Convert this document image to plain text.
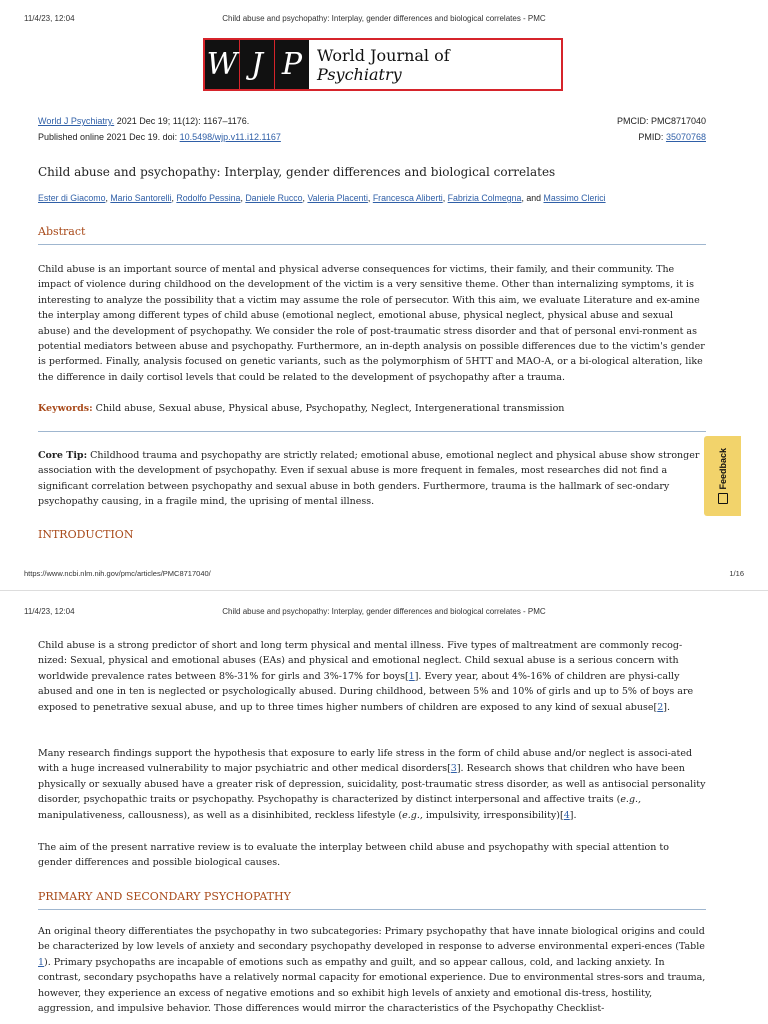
11/4/23, 12:04	Child abuse and psychopathy: Interplay, gender differences and biological correlates - PMC
W J P World Journal of
Psychiatry
World J Psychiatry. 2021 Dec 19; 11(12): 1167–1176.
Published online 2021 Dec 19. doi: 10.5498/wjp.v11.i12.1167
PMCID: PMC8717040
PMID: 35070768
Child abuse and psychopathy: Interplay, gender differences and biological correlates
Ester di Giacomo, Mario Santorelli, Rodolfo Pessina, Daniele Rucco, Valeria Placenti, Francesca Aliberti, Fabrizia Colmegna, and Massimo Clerici
Abstract
Child abuse is an important source of mental and physical adverse consequences for victims, their family, and their community. The impact of violence during childhood on the development of the victim is a very sensitive theme. Other than internalizing symptoms, it is interesting to analyze the possibility that a victim may assume the role of persecutor. With this aim, we evaluate Literature and ex-amine the interplay among different types of child abuse (emotional neglect, emotional abuse, physical neglect, physical abuse and sexual abuse) and the development of psychopathy. We consider the role of post-traumatic stress disorder and that of personal envi-ronment as potential mediators between abuse and psychopathy. Furthermore, an in-depth analysis on possible differences due to the victim's gender is performed. Finally, analysis focused on genetic variants, such as the polymorphism of 5HTT and MAO-A, or a bi-ological alteration, like the difference in daily cortisol levels that could be related to the development of psychopathy after a trauma.
Keywords: Child abuse, Sexual abuse, Physical abuse, Psychopathy, Neglect, Intergenerational transmission
Core Tip: Childhood trauma and psychopathy are strictly related; emotional abuse, emotional neglect and physical abuse show stronger association with the development of psychopathy. Even if sexual abuse is more frequent in females, most researches did not find a significant correlation between psychopathy and sexual abuse in both genders. Furthermore, trauma is the hallmark of sec-ondary psychopathy causing, in a fragile mind, the uprising of mental illness.
INTRODUCTION
Feedback
https://www.ncbi.nlm.nih.gov/pmc/articles/PMC8717040/	1/16
11/4/23, 12:04	Child abuse and psychopathy: Interplay, gender differences and biological correlates - PMC
Child abuse is a strong predictor of short and long term physical and mental illness. Five types of maltreatment are commonly recog-nized: Sexual, physical and emotional abuses (EAs) and physical and emotional neglect. Child sexual abuse is a serious concern with worldwide prevalence rates between 8%-31% for girls and 3%-17% for boys[1]. Every year, about 4%-16% of children are physi-cally abused and one in ten is neglected or psychologically abused. During childhood, between 5% and 10% of girls and up to 5% of boys are exposed to penetrative sexual abuse, and up to three times higher numbers of children are exposed to any kind of sexual abuse[2].
Many research findings support the hypothesis that exposure to early life stress in the form of child abuse and/or neglect is associ-ated with a huge increased vulnerability to major psychiatric and other medical disorders[3]. Research shows that children who have been physically or sexually abused have a greater risk of depression, suicidality, post-traumatic stress disorder, as well as antisocial personality disorder, psychopathic traits or psychopathy. Psychopathy is characterized by distinct interpersonal and affective traits (e.g., manipulativeness, callousness), as well as a disinhibited, reckless lifestyle (e.g., impulsivity, irresponsibility)[4].
The aim of the present narrative review is to evaluate the interplay between child abuse and psychopathy with special attention to gender differences and possible biological causes.
PRIMARY AND SECONDARY PSYCHOPATHY
An original theory differentiates the psychopathy in two subcategories: Primary psychopathy that have innate biological origins and could be characterized by low levels of anxiety and secondary psychopathy developed in response to adverse environmental experi-ences (Table 1). Primary psychopaths are incapable of emotions such as empathy and guilt, and so appear callous, cold, and lacking anxiety. In contrast, secondary psychopaths have a relatively normal capacity for emotional experience. Due to environmental stres-sors and trauma, however, they experience an excess of negative emotions and so exhibit high levels of anxiety and emotional dis-tress, hostility, aggression, and impulsive behavior. Those differences would mirror the characteristics of the Psychopathy Checklist-
